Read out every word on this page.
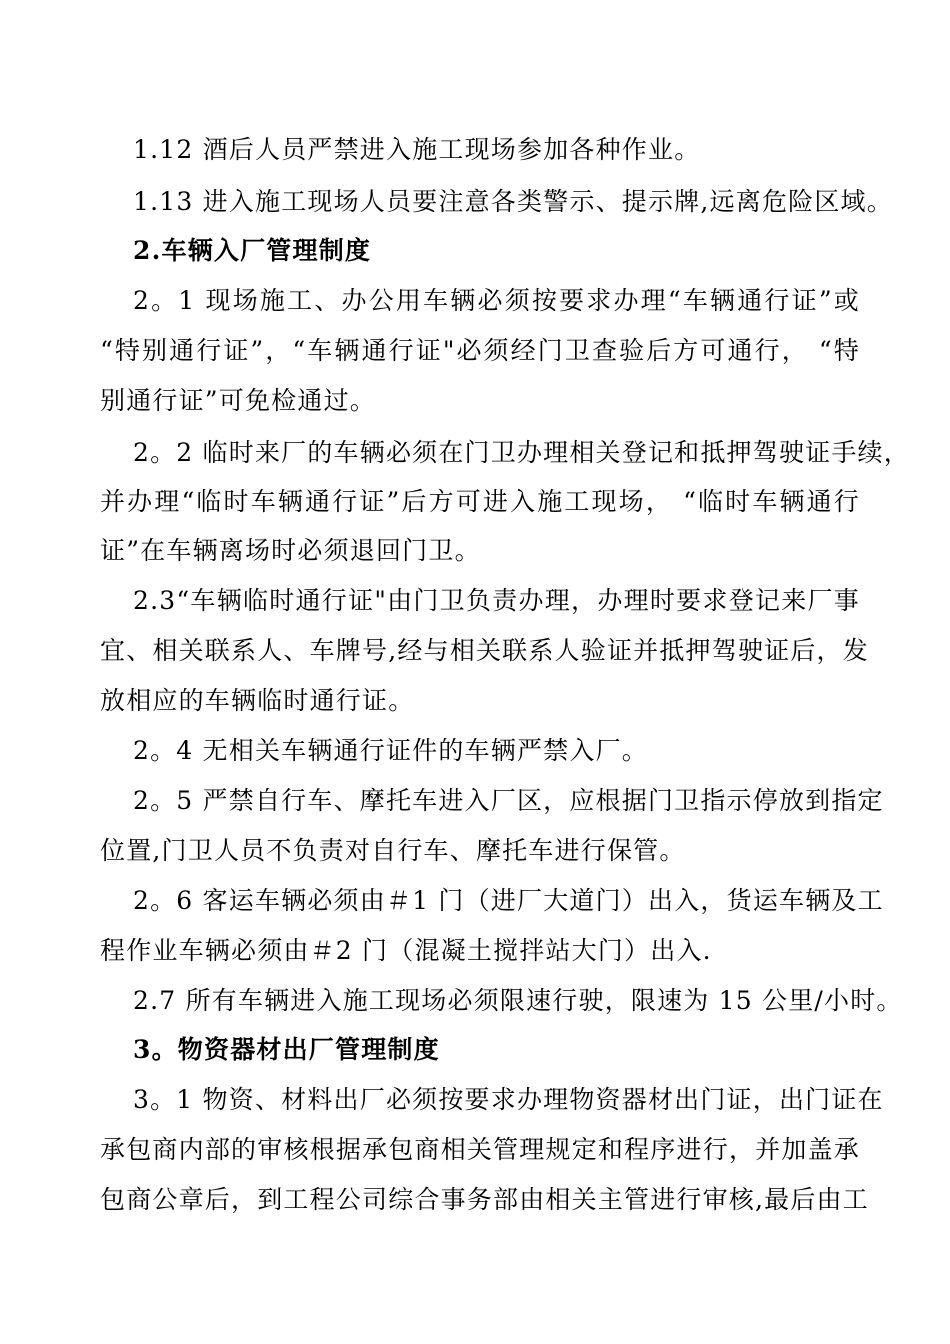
1.12 酒后人员严禁进入施工现场参加各种作业。
1.13 进入施工现场人员要注意各类警示、提示牌,远离危险区域。
2.车辆入厂管理制度
2。1 现场施工、办公用车辆必须按要求办理“车辆通行证”或
“特别通行证”，“车辆通行证"必须经门卫查验后方可通行， “特
别通行证”可免检通过。
2。2 临时来厂的车辆必须在门卫办理相关登记和抵押驾驶证手续，
并办理“临时车辆通行证”后方可进入施工现场， “临时车辆通行
证”在车辆离场时必须退回门卫。
2.3“车辆临时通行证"由门卫负责办理，办理时要求登记来厂事
宜、相关联系人、车牌号,经与相关联系人验证并抵押驾驶证后，发
放相应的车辆临时通行证。
2。4 无相关车辆通行证件的车辆严禁入厂。
2。5 严禁自行车、摩托车进入厂区，应根据门卫指示停放到指定
位置,门卫人员不负责对自行车、摩托车进行保管。
2。6 客运车辆必须由＃1 门（进厂大道门）出入，货运车辆及工
程作业车辆必须由＃2 门（混凝土搅拌站大门）出入.
2.7 所有车辆进入施工现场必须限速行驶，限速为 15 公里/小时。
3。物资器材出厂管理制度
3。1 物资、材料出厂必须按要求办理物资器材出门证，出门证在
承包商内部的审核根据承包商相关管理规定和程序进行，并加盖承
包商公章后，到工程公司综合事务部由相关主管进行审核,最后由工
